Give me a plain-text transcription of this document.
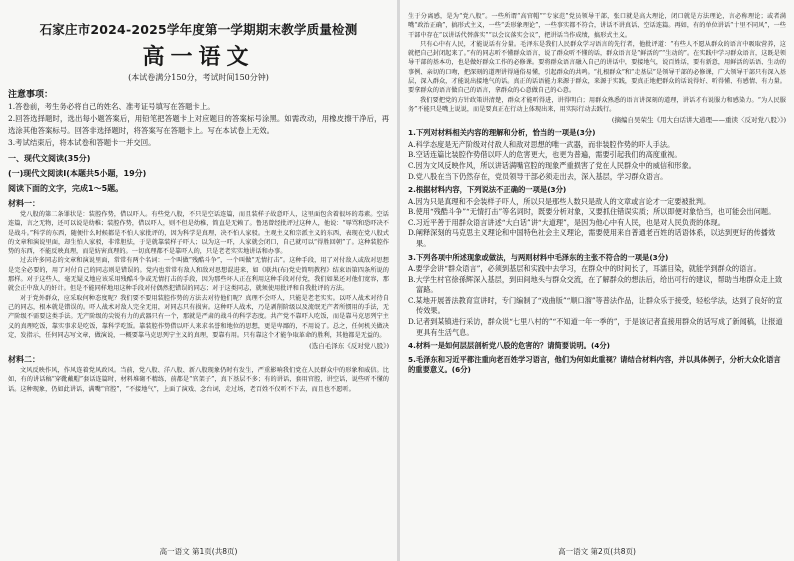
石家庄市2024-2025学年度第一学期期末教学质量检测
高一语文
(本试卷满分150分，考试时间150分钟)
注意事项：

1.答卷前，考生务必将自己的姓名、准考证号填写在答题卡上。

2.回答选择题时，选出每小题答案后，用铅笔把答题卡上对应题目的答案标号涂黑。如需改动，用橡皮擦干净后，再选涂其他答案标号。回答非选择题时，将答案写在答题卡上。写在本试卷上无效。

3.考试结束后，将本试卷和答题卡一并交回。

一、现代文阅读(35分)
(一)现代文阅读Ⅰ(本题共5小题，19分)
阅读下面的文字，完成1～5题。
材料一：

党八股的第二条罪状是：装腔作势，借以吓人。有些党八股，不只是空话连篇，而且装样子故意吓人，这里面包含着很坏的毒素。空话连篇，言之无物，还可以说是幼稚；装腔作势，借以吓人，则不但是幼稚，简直是无赖了。鲁迅曾经批评过这种人，他说：“辱骂和恐吓决不是战斗。”科学的东西，随便什么时候都是不怕人家批评的，因为科学是真理，决不怕人家驳。主观主义和宗派主义的东西，表现在党八股式的文章和演说里面，却生怕人家驳，非常胆怯，于是就靠装样子吓人；以为这一吓，人家就会闭口，自己就可以“得胜回朝”了。这种装腔作势的东西，不能反映真理，而是妨害真理的。一切真理都不是靠吓人的，只是老老实实地讲话和办事。

过去许多同志的文章和演说里面，常常有两个名词：一个叫做“残酷斗争”，一个叫做“无情打击”。这种手段，用了对付敌人或敌对思想是完全必要的，用了对付自己的同志则是错误的。党内也常常有敌人和敌对思想混进来，如《联共(布)党史简明教程》结束语第四条所说的那样。对于这些人，毫无疑义地应该采用残酷斗争或无情打击的手段，因为那些坏人正在利用这种手段对付党，我们如果还对他们宽容，那就会正中敌人的奸计。但是不能同样地用这种手段对付偶然犯错误的同志；对于这类同志，就须使用批评和自我批评的方法。

对于党外群众，应采取何种态度呢？我们要不要用装腔作势的方法去对待他们呢？真理不会吓人，只能是老老实实。以吓人战术对待自己的同志，根本就是错误的。吓人战术对敌人完全无用，对同志只有损害。这种吓人战术，乃是剥削阶级以及流氓无产者所惯用的手法，无产阶级不需要这类手法。无产阶级的尖锐有力的武器只有一个，那就是严肃的战斗的科学态度。共产党不靠吓人吃饭，而是靠马克思列宁主义的真理吃饭，靠实事求是吃饭，靠科学吃饭。靠装腔作势借以吓人来求名誉和地位的思想，更是卑鄙的，不用说了。总之，任何机关做决定，发指示，任何同志写文章，做演说，一概要靠马克思列宁主义的真理，要靠有用。只有靠这个才能争取革命的胜利，其他都是无益的。

(选自毛泽东《反对党八股》)
材料二：

文风反映作风，作风连着党风政风。当前，党八股、洋八股、新八股现象仍时有发生，严重影响我们党在人民群众中的形象和威信。比如，有的讲话稿“穿靴戴帽”套话连篇时，材料堆砌不精练，前都是“官架子”，真下基层不多；有的讲话，套用官腔，讲空话，说些听不懂的话。这种现象，仍如此讲话，满嘴“官腔”，“不接地气”，上面了演戏、念台词，走过场，老百姓不仅听不下去，而且也不愿听。

高一语文 第1页(共8页)

生于分离感，是为“党八股”。一些所谓“高官帽”“专家范”党员领导干部，张口就是高大理论，闭口就是方法理论，言必称理论；或者满嘴“政治正确”，搞形式主义，一些“丢形象理论”，一些事实都不符合，讲话不讲真话、空话连篇。再如，有的单位讲话“十里不同风”，一些干部中存在“以讲话代替落实”“以会议落实会议”，把讲话当作成绩，搞形式主义。

只有心中有人民，才能说话有分量。毛泽东是我们人民群众学习语言的先行者，他批评道：“有些人不愿从群众的语言中吸取营养，这就把自己封闭起来了。”有的同志听不懂群众语言，说了群众听不懂的话，群众语言是“鲜活的”“生动的”。在实践中学习群众语言，这既是领导干部的基本功，也是做好群众工作的必修课。要将群众语言融入自己的讲话中，要接地气，说百姓话，要有新意，用鲜活的话语、生动的事例、亲切的口吻，把深刻的道理讲得通俗易懂，引起群众的共鸣。“扎根群众”和“走基层”是领导干部的必修课，广大领导干部只有深入基层，深入群众，才能说出接地气的话。真正的话语能力来源于群众，来源于实践，要真正地把群众的话说得好、听得懂、有感情、有力量。要拿群众的语言做自己的语言，拿群众的心意做自己的心意。

我们要把党的方针政策讲清楚，群众才能听得进，讲得明白；用群众熟悉的语言讲深刻的道理，讲话才有说服力和感染力。“为人民服务”不能只是嘴上说说，而是要真正在行动上体现出来，用实际行动去践行。

(摘编自吴荣生《用大白话讲大道理——重读〈反对党八股〉》)
1.下列对材料相关内容的理解和分析，恰当的一项是(3分)

A.科学态度是无产阶级对付敌人和敌对思想的唯一武器，而非装腔作势的吓人手法。

B.空话连篇比装腔作势借以吓人的危害更大，也更为普遍，需要引起我们的高度重视。

C.因为文风反映作风，所以讲话满嘴官腔的现象严重损害了党在人民群众中的威信和形象。

D.党八股在当下仍然存在，党员领导干部必须走出去，深入基层，学习群众语言。

2.根据材料内容，下列说法不正确的一项是(3分)

A.因为只是真理和不会装样子吓人，所以只是那些人数只是敌人的文章或言论才一定要被批判。

B.使用“残酷斗争”“无情打击”等名词时，既要分析对象，又要抓住错误实质；所以即便对象恰当，也可能会出问题。

C.习近平善于用群众语言讲述“大白话”讲“大道理”，是因为他心中有人民，也是对人民负责的体现。

D.阐释深刻的马克思主义理论和中国特色社会主义理论，需要使用来自普通老百姓的话语体系，以达到更好的传播效果。

3.下列各项中所述现象或做法，与两则材料中毛泽东的主张不符合的一项是(3分)

A.要学会讲“群众语言”，必须到基层和实践中去学习，在群众中的时间长了，耳濡目染，就能学到群众的语言。

B.大学生村官徐孫辉深入基层，到田间地头与群众交流，在了解群众的想法后，给出可行的建议，帮助当地群众走上致富路。

C.某地开展普法教育宣讲时，专门编制了“戏曲版”“顺口溜”等普法作品，让群众乐于接受，轻松学法，达到了良好的宣传效果。

D.记者到某镇进行采访，群众说“七里八村的”“不知道一年一季的”，于是该记者直接用群众的话写成了新闻稿，让报道更具有生活气息。

4.材料一是如何层层剖析党八股的危害的？请简要说明。(4分)
5.毛泽东和习近平都注重向老百姓学习语言，他们为何如此重视？请结合材料内容，并以具体例子，分析大众化语言的重要意义。(6分)
高一语文 第2页(共8页)
